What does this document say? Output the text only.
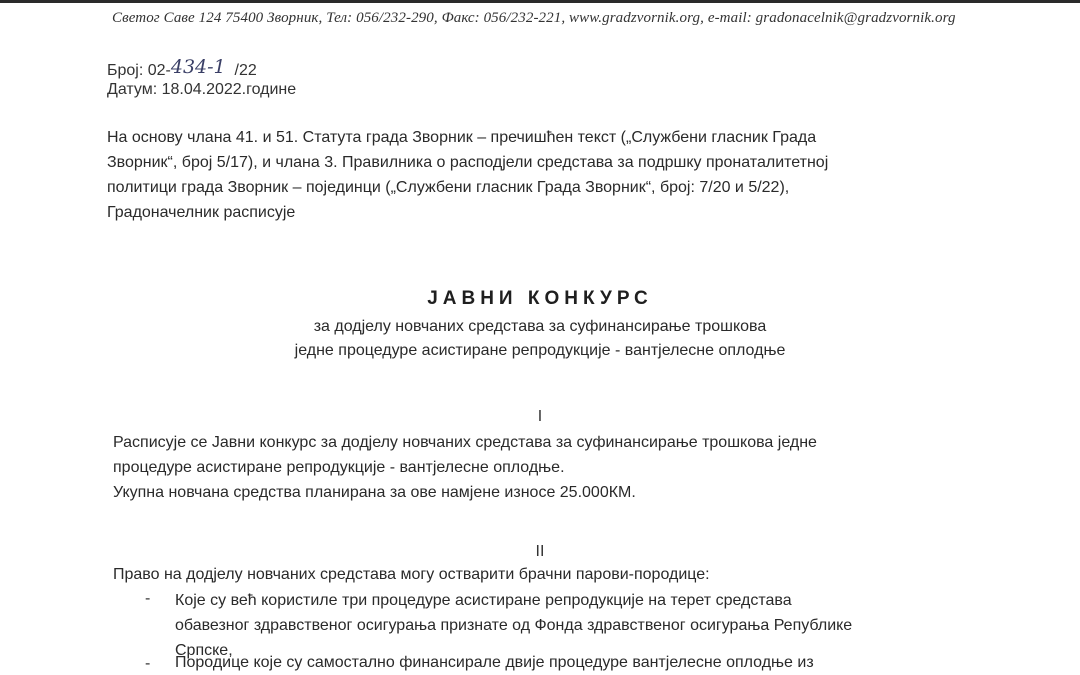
Светог Саве 124 75400 Зворник, Тел: 056/232-290, Факс: 056/232-221, www.gradzvornik.org, e-mail: gradonacelnik@gradzvornik.org
Број: 02-434-1 /22
Датум: 18.04.2022.године
На основу члана 41. и 51. Статута града Зворник – пречишћен текст („Службени гласник Града
Зворник“, број 5/17), и члана 3. Правилника о расподјели средстава за подршку пронаталитетној
политици града Зворник – појединци („Службени гласник Града Зворник“, број: 7/20 и 5/22),
Градоначелник расписује
ЈАВНИ КОНКУРС
за додјелу новчаних средстава за суфинансирање трошкова
једне процедуре асистиране репродукције - вантјелесне оплодње
I
Расписује се Јавни конкурс за додјелу новчаних средстава за суфинансирање трошкова једне
процедуре асистиране репродукције - вантјелесне оплодње.
Укупна новчана средства планирана за ове намјене износе 25.000КМ.
II
Право на додјелу новчаних средстава могу остварити брачни парови-породице:
- Које су већ користиле три процедуре асистиране репродукције на терет средстава
обавезног здравственог осигурања признате од Фонда здравственог осигурања Републике
Српске,
- Породице које су самостално финансирале двије процедуре вантјелесне оплодње из
